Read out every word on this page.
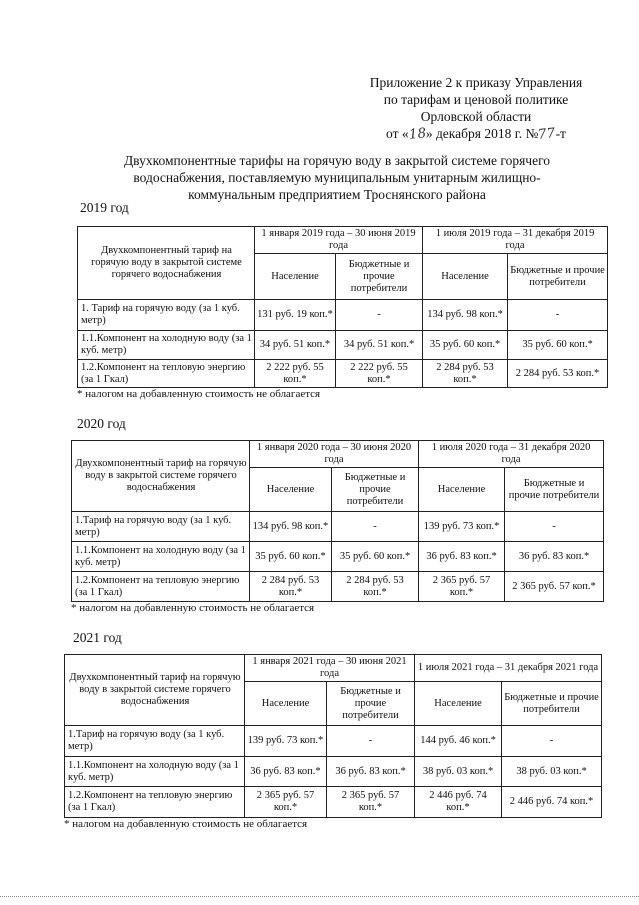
Приложение 2 к приказу Управления
по тарифам и ценовой политике
Орловской области
от «18» декабря 2018 г. №77-т
Двухкомпонентные тарифы на горячую воду в закрытой системе горячего
водоснабжения, поставляемую муниципальным унитарным жилищно-
коммунальным предприятием Троснянского района
2019 год
Двухкомпонентный тариф на горячую воду в закрытой системе горячего водоснабжения	1 января 2019 года – 30 июня 2019 года		1 июля 2019 года – 31 декабря 2019 года	
	Население	Бюджетные и прочие потребители	Население	Бюджетные и прочие потребители
1. Тариф на горячую воду (за 1 куб. метр)	131 руб. 19 коп.*	-	134 руб. 98 коп.*	-
1.1.Компонент на холодную воду (за 1 куб. метр)	34 руб. 51 коп.*	34 руб. 51 коп.*	35 руб. 60 коп.*	35 руб. 60 коп.*
1.2.Компонент на тепловую энергию (за 1 Гкал)	2 222 руб. 55 коп.*	2 222 руб. 55 коп.*	2 284 руб. 53 коп.*	2 284 руб. 53 коп.*
* налогом на добавленную стоимость не облагается
2020 год
Двухкомпонентный тариф на горячую воду в закрытой системе горячего водоснабжения	1 января 2020 года – 30 июня 2020 года		1 июля 2020 года – 31 декабря 2020 года	
	Население	Бюджетные и прочие потребители	Население	Бюджетные и прочие потребители
1.Тариф на горячую воду (за 1 куб. метр)	134 руб. 98 коп.*	-	139 руб. 73 коп.*	-
1.1.Компонент на холодную воду (за 1 куб. метр)	35 руб. 60 коп.*	35 руб. 60 коп.*	36 руб. 83 коп.*	36 руб. 83 коп.*
1.2.Компонент на тепловую энергию (за 1 Гкал)	2 284 руб. 53 коп.*	2 284 руб. 53 коп.*	2 365 руб. 57 коп.*	2 365 руб. 57 коп.*
* налогом на добавленную стоимость не облагается
2021 год
Двухкомпонентный тариф на горячую воду в закрытой системе горячего водоснабжения	1 января 2021 года – 30 июня 2021 года		1 июля 2021 года – 31 декабря 2021 года	
	Население	Бюджетные и прочие потребители	Население	Бюджетные и прочие потребители
1.Тариф на горячую воду (за 1 куб. метр)	139 руб. 73 коп.*	-	144 руб. 46 коп.*	-
1.1.Компонент на холодную воду (за 1 куб. метр)	36 руб. 83 коп.*	36 руб. 83 коп.*	38 руб. 03 коп.*	38 руб. 03 коп.*
1.2.Компонент на тепловую энергию (за 1 Гкал)	2 365 руб. 57 коп.*	2 365 руб. 57 коп.*	2 446 руб. 74 коп.*	2 446 руб. 74 коп.*
* налогом на добавленную стоимость не облагается
